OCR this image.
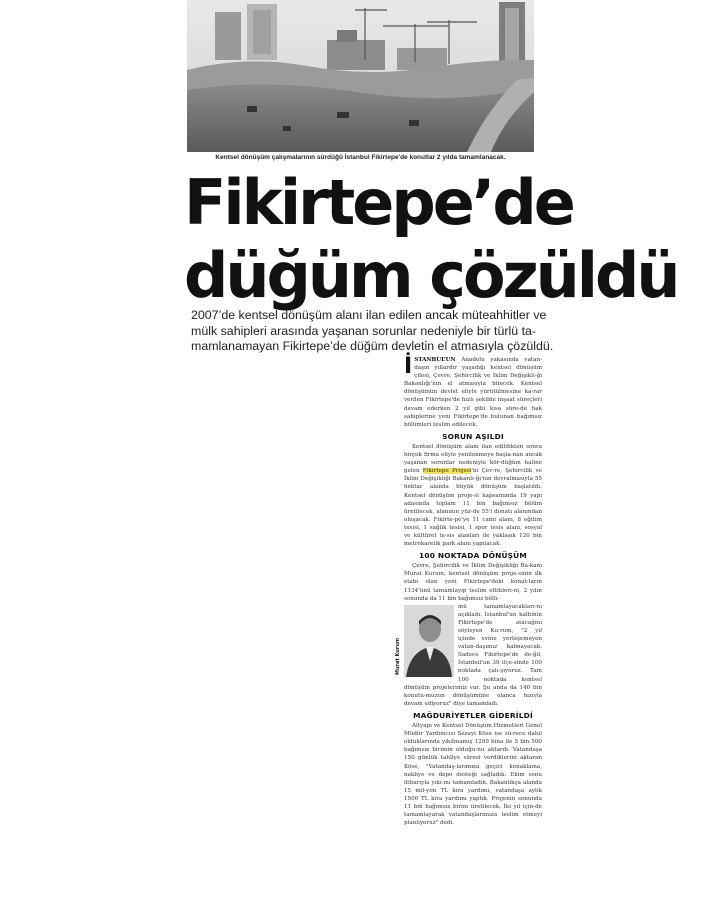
Kentsel dönüşüm çalışmalarının sürdüğü İstanbul Fikirtepe'de konutlar 2 yılda tamamlanacak.
Fikirtepe’de
düğüm çözüldü

2007’de kentsel dönüşüm alanı ilan edilen ancak müteahhitler ve

mülk sahipleri arasında yaşanan sorunlar nedeniyle bir türlü ta-

mamlanamayan Fikirtepe’de düğüm devletin el atmasıyla çözüldü.

İSTANBUL’UN Anadolu yakasında vatan-daşın yıllardır yaşadığı kentsel dönüşüm çilesi, Çevre, Şehircilik ve İklim Değişikli-ği Bakanlığı'nın el atmasıyla bitecek. Kentsel dönüşümün devlet eliyle yürütülmesine ka-rar verilen Fikirtepe'de hızlı şekilde inşaat süreçleri devam ederken 2 yıl gibi kısa süre-de hak sahiplerine yeni Fikirtepe'de bulunan bağımsız bölümleri teslim edilecek.

SORUN AŞILDI

Kentsel dönüşüm alanı ilan edildikten sonra birçok firma eliyle yenilenmeye başla-nan ancak yaşanan sorunlar nedeniyle kör-düğüm haline gelen Fikirtepe Projesi'ni Çev-re, Şehircilik ve İklim Değişikliği Bakanlı-ğı'nın devralmasıyla 55 hektar alanda büyük dönüşüm başlatıldı. Kentsel dönüşüm proje-si kapsamında 19 yapı adasında toplam 11 bin bağımsız bölüm üretilecek, alanının yüz-de 55'i donatı alanından oluşacak. Fikirte-pe'ye 11 cami alanı, 8 eğitim tesisi, 1 sağlık tesisi, 1 spor tesis alanı, sosyal ve kültürel te-sis alanları ile yaklaşık 120 bin metrekarelik park alanı yapılacak.

100 NOKTADA DÖNÜŞÜM

Çevre, Şehircilik ve İklim Değişikliği Ba-kanı Murat Kurum, kentsel dönüşüm proje-sinin ilk etabı olan yeni Fikirtepe'deki konut-ların 1134'ünü tamamlayıp teslim ettikleri-ni, 2 yılın sonunda da 11 bin bağımsız bölü-

Murat Kurum

mü tamamlayacakları-nı açıkladı. İstanbul'un kalbinin Fikirtepe'de atacağını söyleyen Ku-rum, "2 yıl içinde evine yerleşemeyen vatan-daşımız kalmayacak. Sadece Fikirtepe'de de-ğil, İstanbul'un 39 ilçe-sinde 100 noktada çalı-şıyoruz. Tam 100 noktada kentsel dönüşüm projelerimiz var. Şu anda da 140 bin konutu-muzun dönüşümüne olanca hızıyla devam ediyoruz" diye tamamladı.

MAĞDURİYETLER GİDERİLDİ

Altyapı ve Kentsel Dönüşüm Hizmetleri Genel Müdür Yardımcısı Sezayi Köse ise sü-rece dahil olduklarında yıkılmamış 1299 bina ile 5 bin 500 bağımsız birimin olduğu-nu aktardı. Vatandaşa 150 günlük tahliye süresi verdiklerini aktaran Köse, "Vatandaş-larımıza geçici konaklama, nakliye ve depo desteği sağladık. Ekim sonu itibarıyla yıkı-mı tamamladık. Bakanlıkça alanda 15 mil-yon TL kira yardımı, vatandaşa aylık 1500 TL kira yardımı yaptık. Projenin sonunda 11 bin bağımsız birim üretilecek. İki yıl için-de tamamlayarak vatandaşlarımıza teslim etmeyi planlıyoruz" dedi.
